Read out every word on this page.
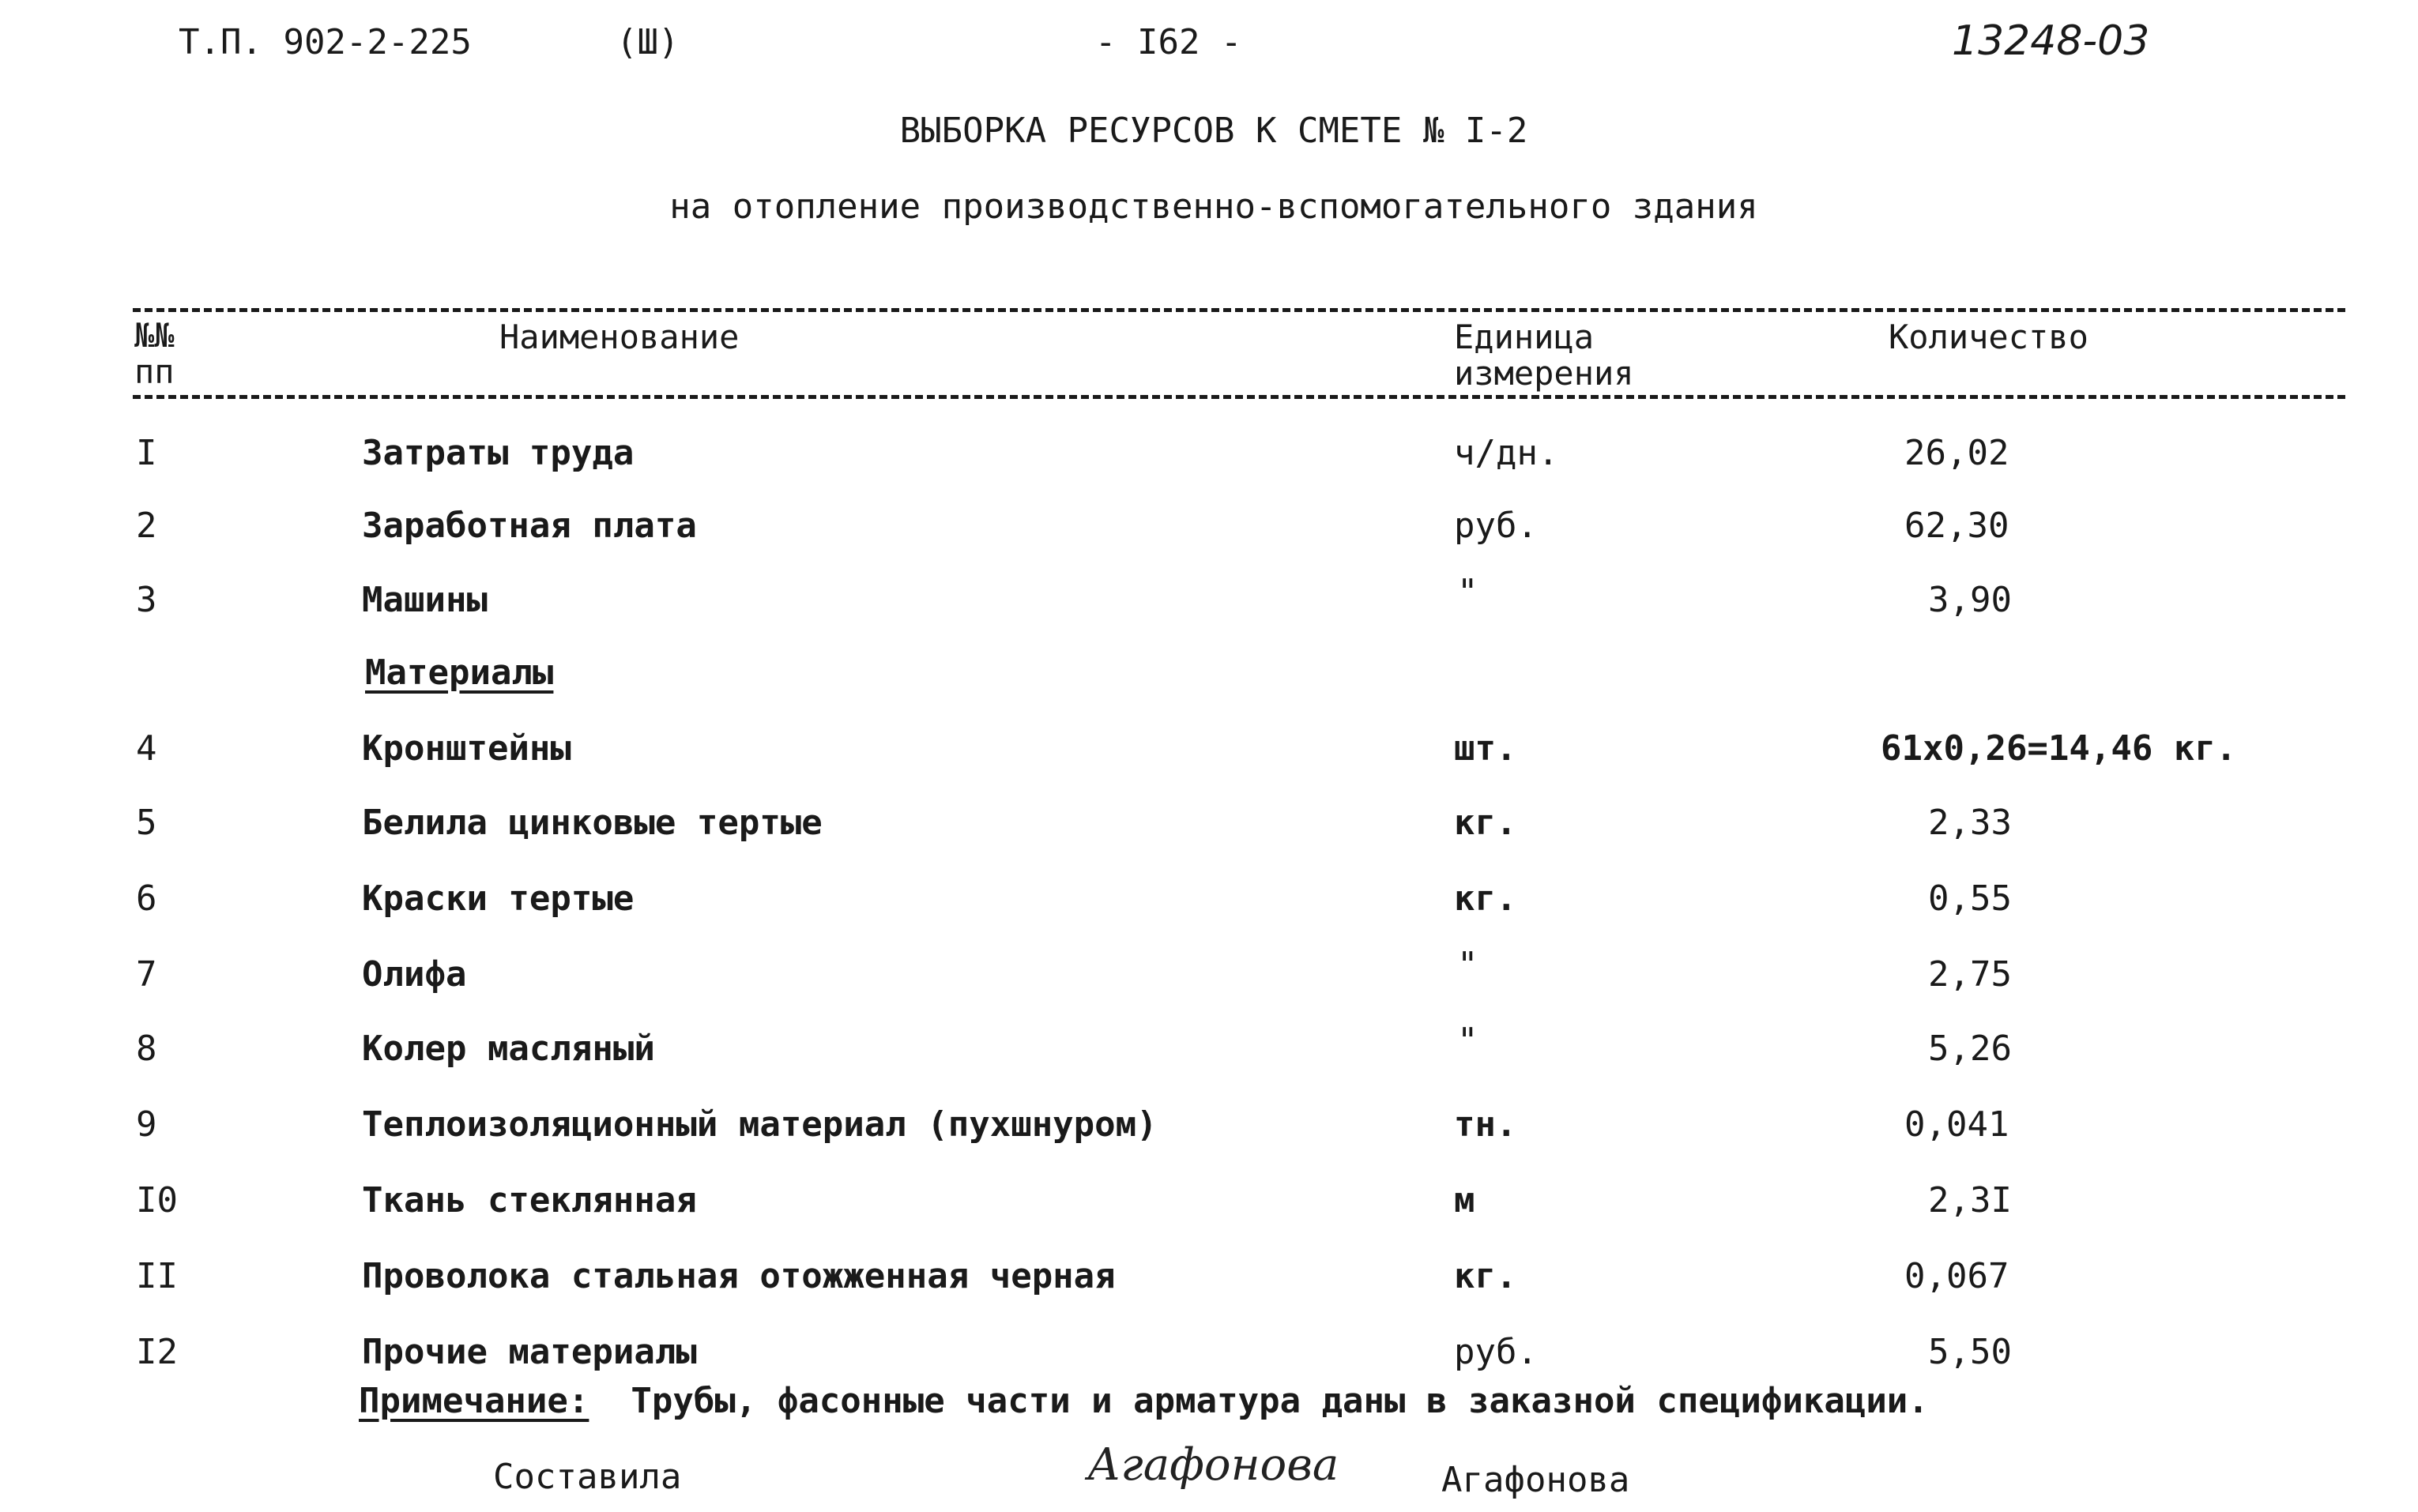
Т.П. 902-2-225	(Ш)	- I62 -	13248-03
ВЫБОРКА РЕСУРСОВ К СМЕТЕ № I-2
на отопление производственно-вспомогательного здания
№№
пп
Наименование	Единица
измерения
Количество
I	Затраты труда	ч/дн.	26,02
2	Заработная плата	руб.	62,30
3	Машины	"	3,90
Материалы
4	Кронштейны	шт.	61х0,26=14,46 кг.
5	Белила цинковые тертые	кг.	2,33
6	Краски тертые	кг.	0,55
7	Олифа	"	2,75
8	Колер масляный	"	5,26
9	Теплоизоляционный материал (пухшнуром)	тн.	0,041
I0	Ткань стеклянная	м	2,3I
II	Проволока стальная отожженная черная	кг.	0,067
I2	Прочие материалы	руб.	5,50
Примечание: Трубы, фасонные части и арматура даны в заказной спецификации.
Составила	Агафонова	Агафонова
